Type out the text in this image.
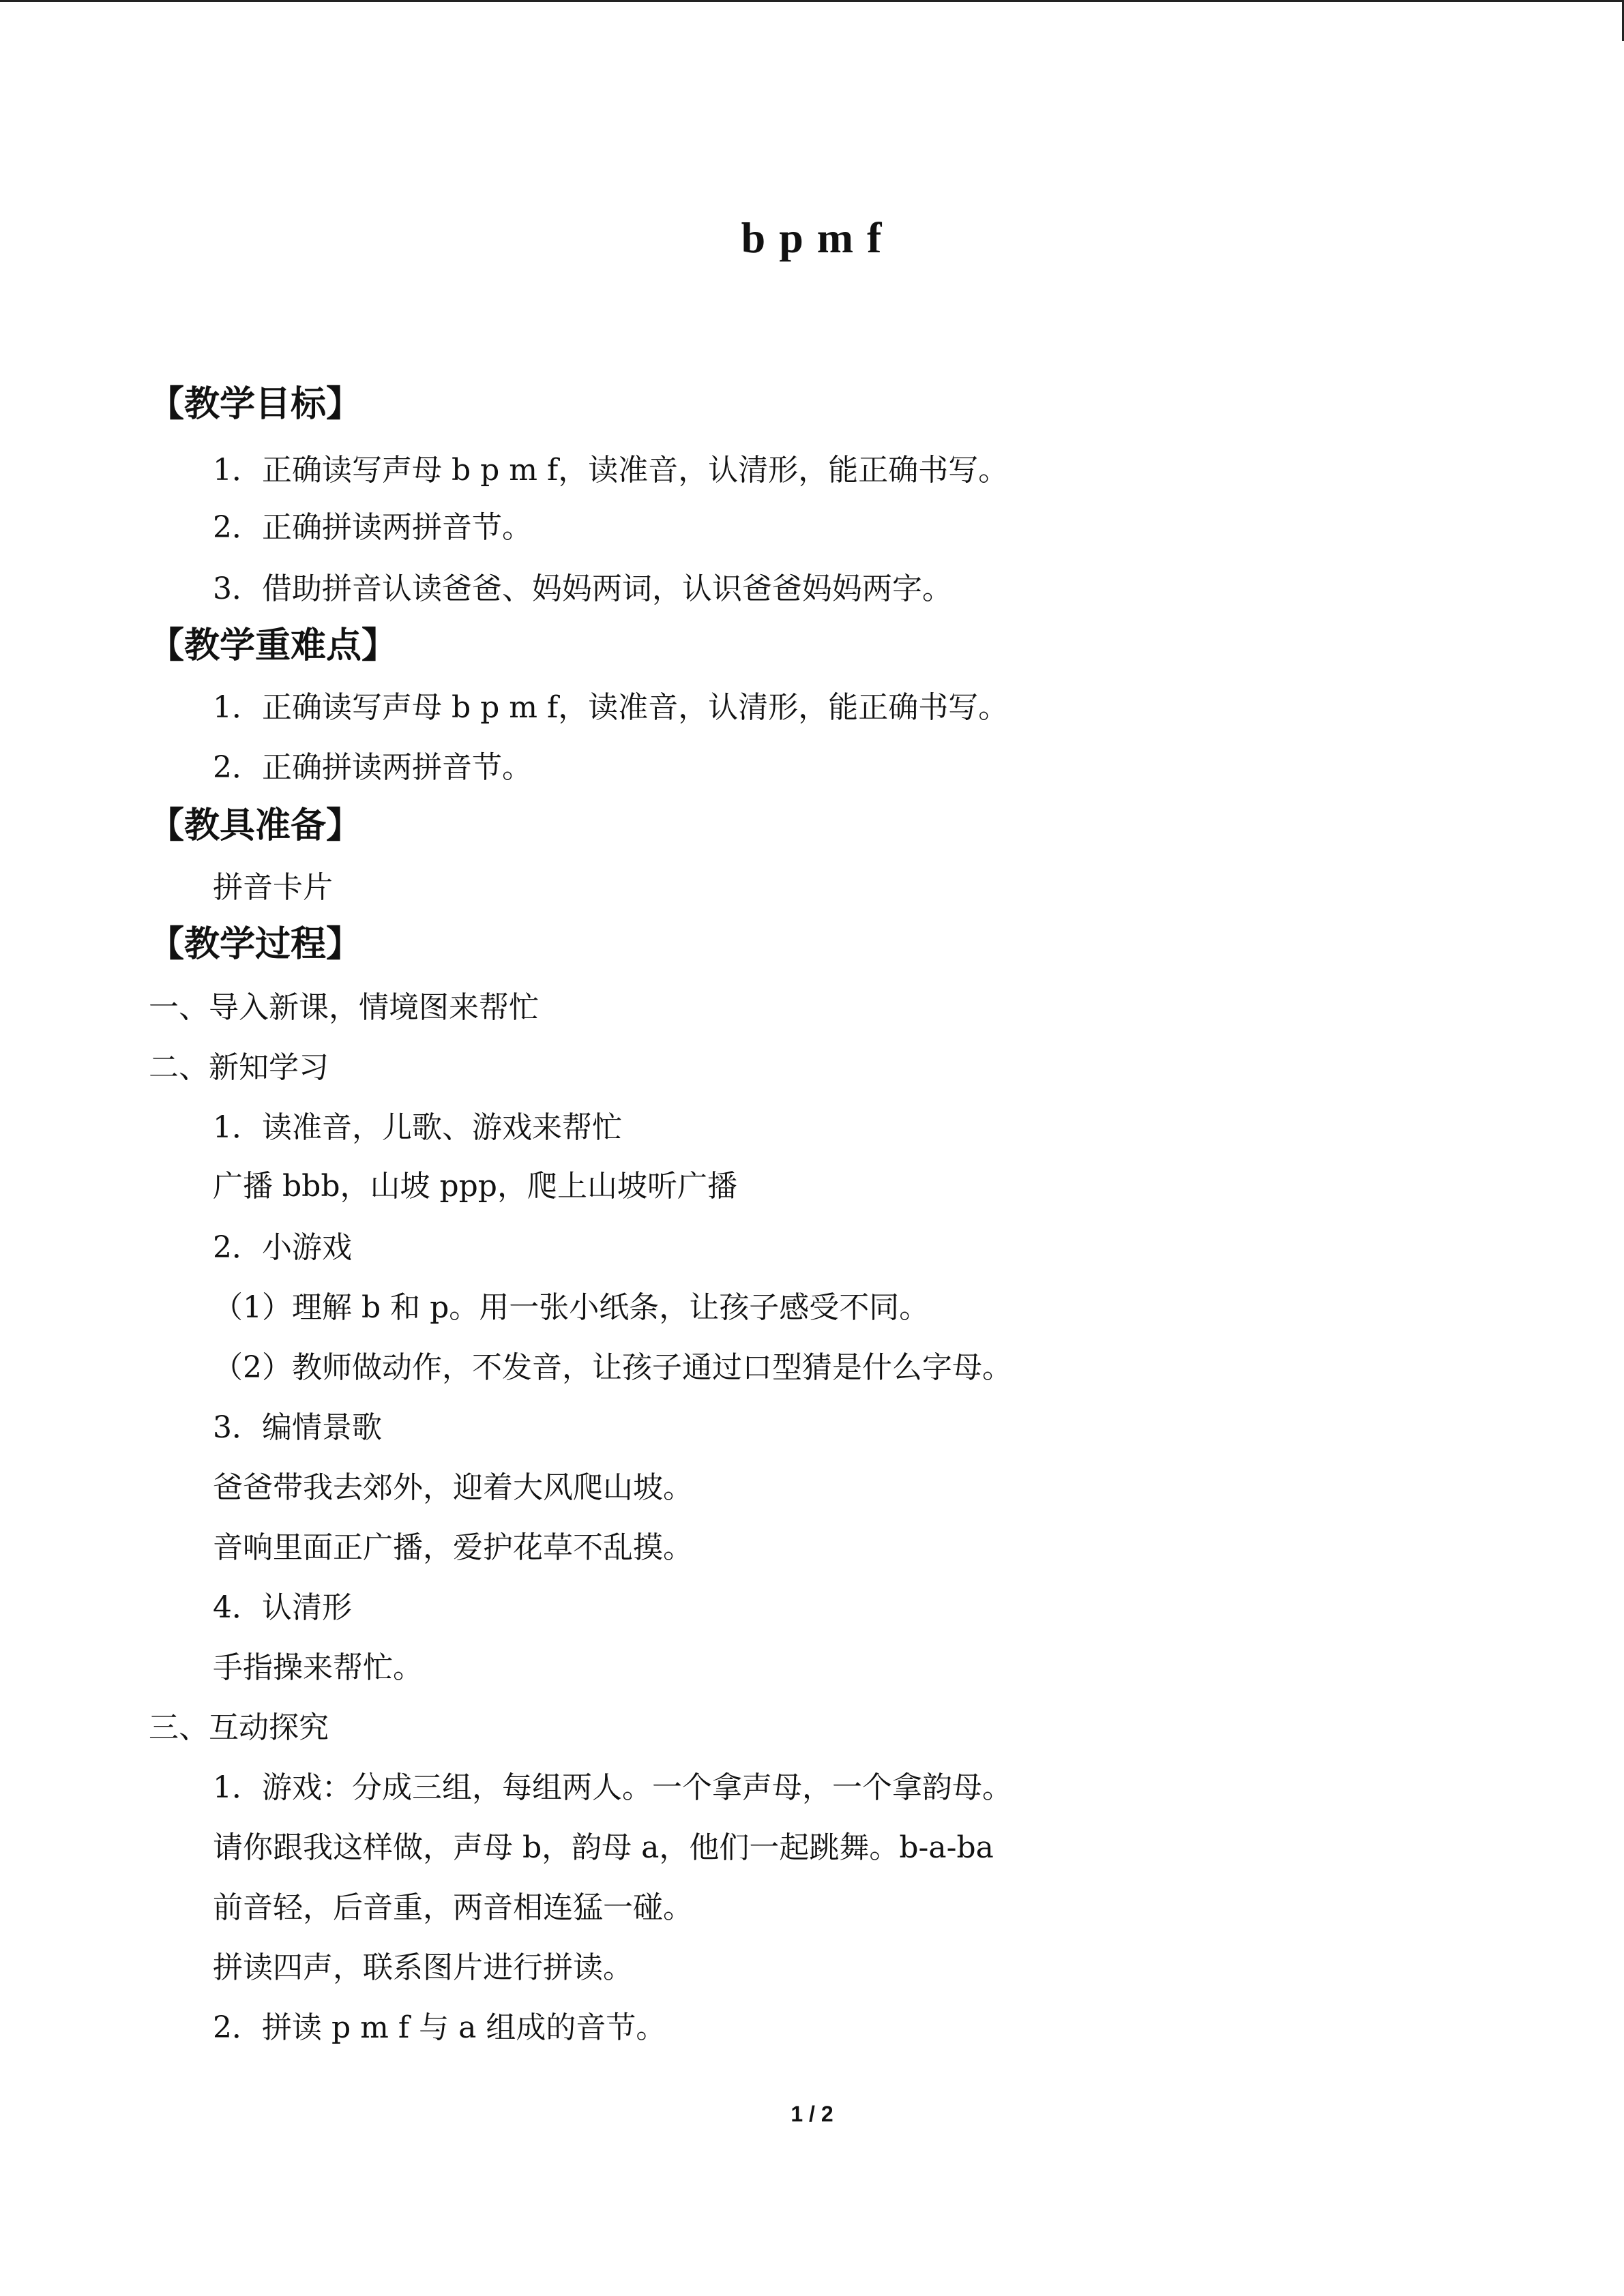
b p m f
【教学目标】
1．正确读写声母 b p m f，读准音，认清形，能正确书写。
2．正确拼读两拼音节。
3．借助拼音认读爸爸、妈妈两词，认识爸爸妈妈两字。
【教学重难点】
1．正确读写声母 b p m f，读准音，认清形，能正确书写。
2．正确拼读两拼音节。
【教具准备】
拼音卡片
【教学过程】
一、导入新课，情境图来帮忙
二、新知学习
1．读准音，儿歌、游戏来帮忙
广播 bbb，山坡 ppp，爬上山坡听广播
2．小游戏
（1）理解 b 和 p。用一张小纸条，让孩子感受不同。
（2）教师做动作，不发音，让孩子通过口型猜是什么字母。
3．编情景歌
爸爸带我去郊外，迎着大风爬山坡。
音响里面正广播，爱护花草不乱摸。
4．认清形
手指操来帮忙。
三、互动探究
1．游戏：分成三组，每组两人。一个拿声母，一个拿韵母。
请你跟我这样做，声母 b，韵母 a，他们一起跳舞。b-a-ba
前音轻，后音重，两音相连猛一碰。
拼读四声，联系图片进行拼读。
2．拼读 p m f 与 a 组成的音节。
1 / 2
